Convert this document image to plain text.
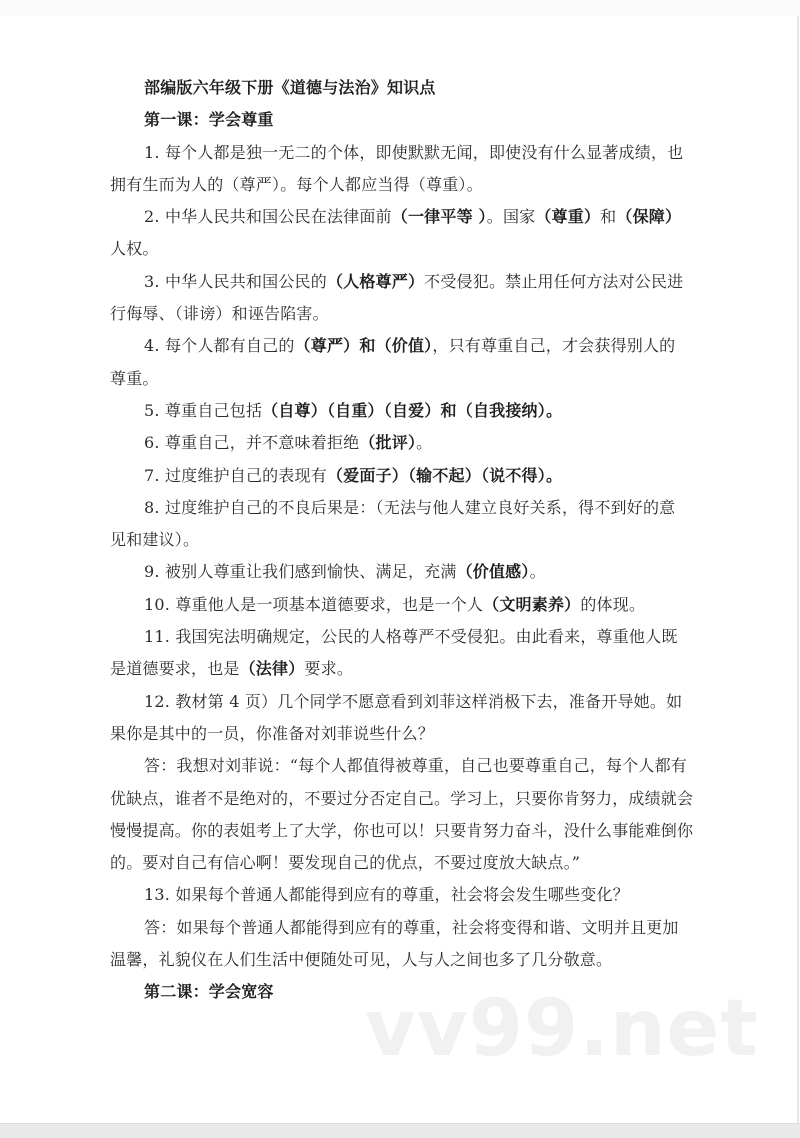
部编版六年级下册《道德与法治》知识点
第一课：学会尊重
1. 每个人都是独一无二的个体，即使默默无闻，即使没有什么显著成绩，也
拥有生而为人的（尊严）。每个人都应当得（尊重）。
2. 中华人民共和国公民在法律面前（一律平等 ）。国家（尊重）和（保障）
人权。
3. 中华人民共和国公民的（人格尊严）不受侵犯。禁止用任何方法对公民进
行侮辱、（诽谤）和诬告陷害。
4. 每个人都有自己的（尊严）和（价值），只有尊重自己，才会获得别人的
尊重。
5. 尊重自己包括（自尊）（自重）（自爱）和（自我接纳）。
6. 尊重自己，并不意味着拒绝（批评）。
7. 过度维护自己的表现有（爱面子）（输不起）（说不得）。
8. 过度维护自己的不良后果是：（无法与他人建立良好关系，得不到好的意
见和建议）。
9. 被别人尊重让我们感到愉快、满足，充满（价值感）。
10. 尊重他人是一项基本道德要求，也是一个人（文明素养）的体现。
11. 我国宪法明确规定，公民的人格尊严不受侵犯。由此看来，尊重他人既
是道德要求，也是（法律）要求。
12. 教材第 4 页）几个同学不愿意看到刘菲这样消极下去，准备开导她。如
果你是其中的一员，你准备对刘菲说些什么？
答：我想对刘菲说：“每个人都值得被尊重，自己也要尊重自己，每个人都有
优缺点，谁者不是绝对的，不要过分否定自己。学习上，只要你肯努力，成绩就会
慢慢提高。你的表姐考上了大学，你也可以！只要肯努力奋斗，没什么事能难倒你
的。要对自己有信心啊！要发现自己的优点，不要过度放大缺点。”
13. 如果每个普通人都能得到应有的尊重，社会将会发生哪些变化？
答：如果每个普通人都能得到应有的尊重，社会将变得和谐、文明并且更加
温馨，礼貌仪在人们生活中便随处可见，人与人之间也多了几分敬意。
第二课：学会宽容	vv99.net
